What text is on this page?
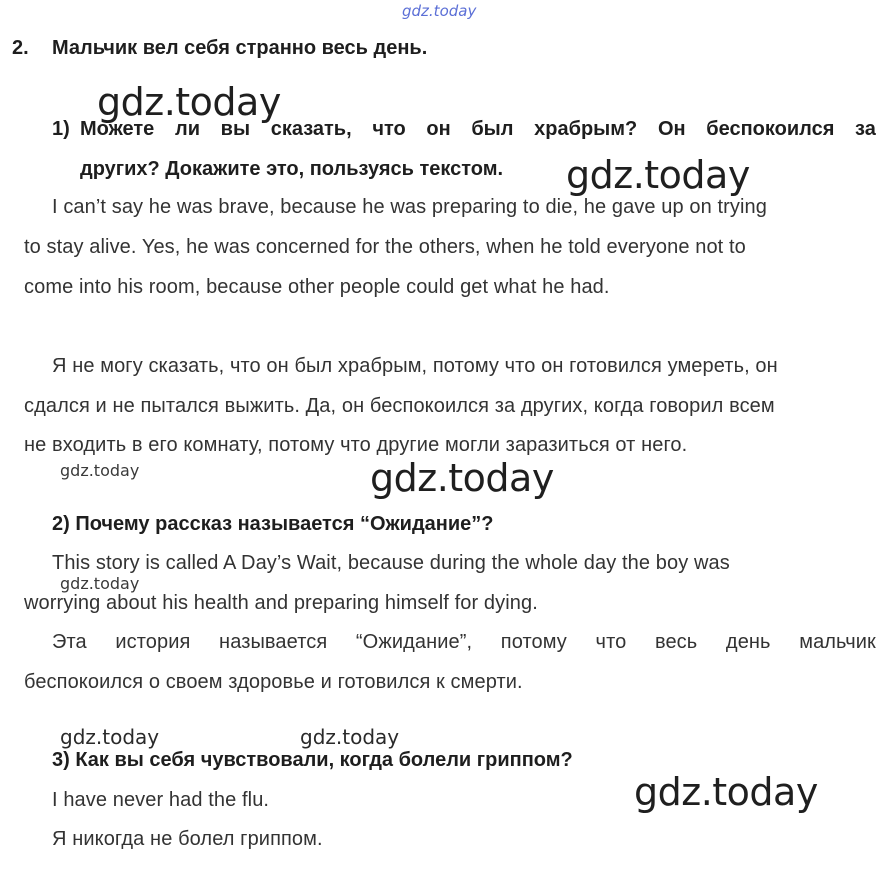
gdz.today
gdz.today
gdz.today
gdz.today	gdz.today
gdz.today
gdz.today	gdz.today
gdz.today
2. Мальчик вел себя странно весь день.
1) Можете ли вы сказать, что он был храбрым? Он беспокоился за
других? Докажите это, пользуясь текстом.
I can’t say he was brave, because he was preparing to die, he gave up on trying
to stay alive. Yes, he was concerned for the others, when he told everyone not to
come into his room, because other people could get what he had.
Я не могу сказать, что он был храбрым, потому что он готовился умереть, он
сдался и не пытался выжить. Да, он беспокоился за других, когда говорил всем
не входить в его комнату, потому что другие могли заразиться от него.
2) Почему рассказ называется “Ожидание”?
This story is called A Day’s Wait, because during the whole day the boy was
worrying about his health and preparing himself for dying.
Эта история называется “Ожидание”, потому что весь день мальчик
беспокоился о своем здоровье и готовился к смерти.
3) Как вы себя чувствовали, когда болели гриппом?
I have never had the flu.
Я никогда не болел гриппом.
